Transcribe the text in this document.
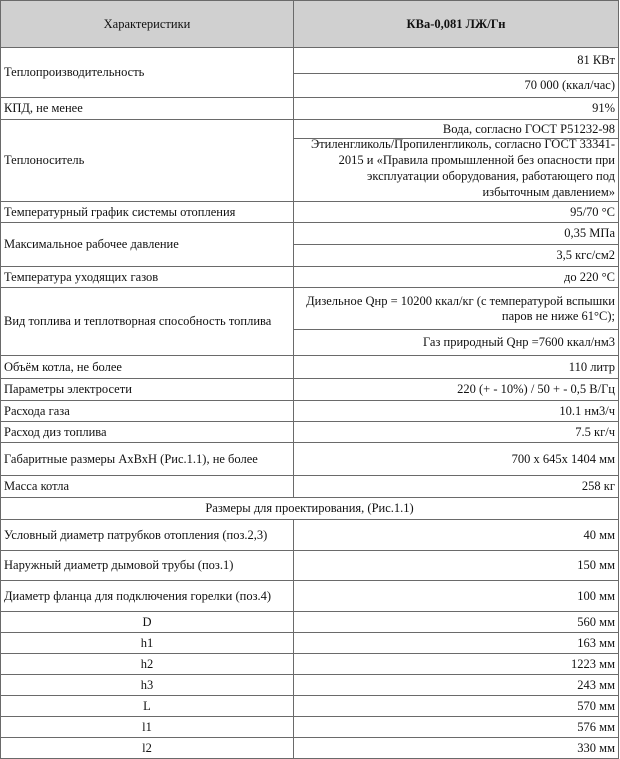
Характеристики	КВа-0,081 ЛЖ/Гн
Теплопроизводительность	81 КВт
	70 000 (ккал/час)
КПД, не менее	91%
Теплоноситель	Вода, согласно ГОСТ Р51232-98

	Этиленгликоль/Пропиленгликоль, согласно ГОСТ 33341-2015 и «Правила промышленной без опасности при эксплуатации оборудования, работающего под избыточным давлением»

Температурный график системы отопления	95/70 °С
Максимальное рабочее давление	0,35 МПа
	3,5 кгс/см2
Температура уходящих газов	до 220 °С
Вид топлива и теплотворная способность топлива	Дизельное Qнр = 10200 ккал/кг (с температурой вспышки паров не ниже 61°С);
	Газ природный Qнр =7600 ккал/нм3
Объём котла, не более	110 литр
Параметры электросети	220 (+ - 10%) / 50 + - 0,5 В/Гц
Расхода газа	10.1 нм3/ч
Расход диз топлива	7.5 кг/ч
Габаритные размеры АхВхН (Рис.1.1), не более	700 х 645х 1404 мм
Масса котла	258 кг
Размеры для проектирования, (Рис.1.1)	
Условный диаметр патрубков отопления (поз.2,3)	40 мм
Наружный диаметр дымовой трубы (поз.1)	150 мм
Диаметр фланца для подключения горелки (поз.4)	100 мм
D	560 мм
h1	163 мм
h2	1223 мм
h3	243 мм
L	570 мм
l1	576 мм
l2	330 мм
